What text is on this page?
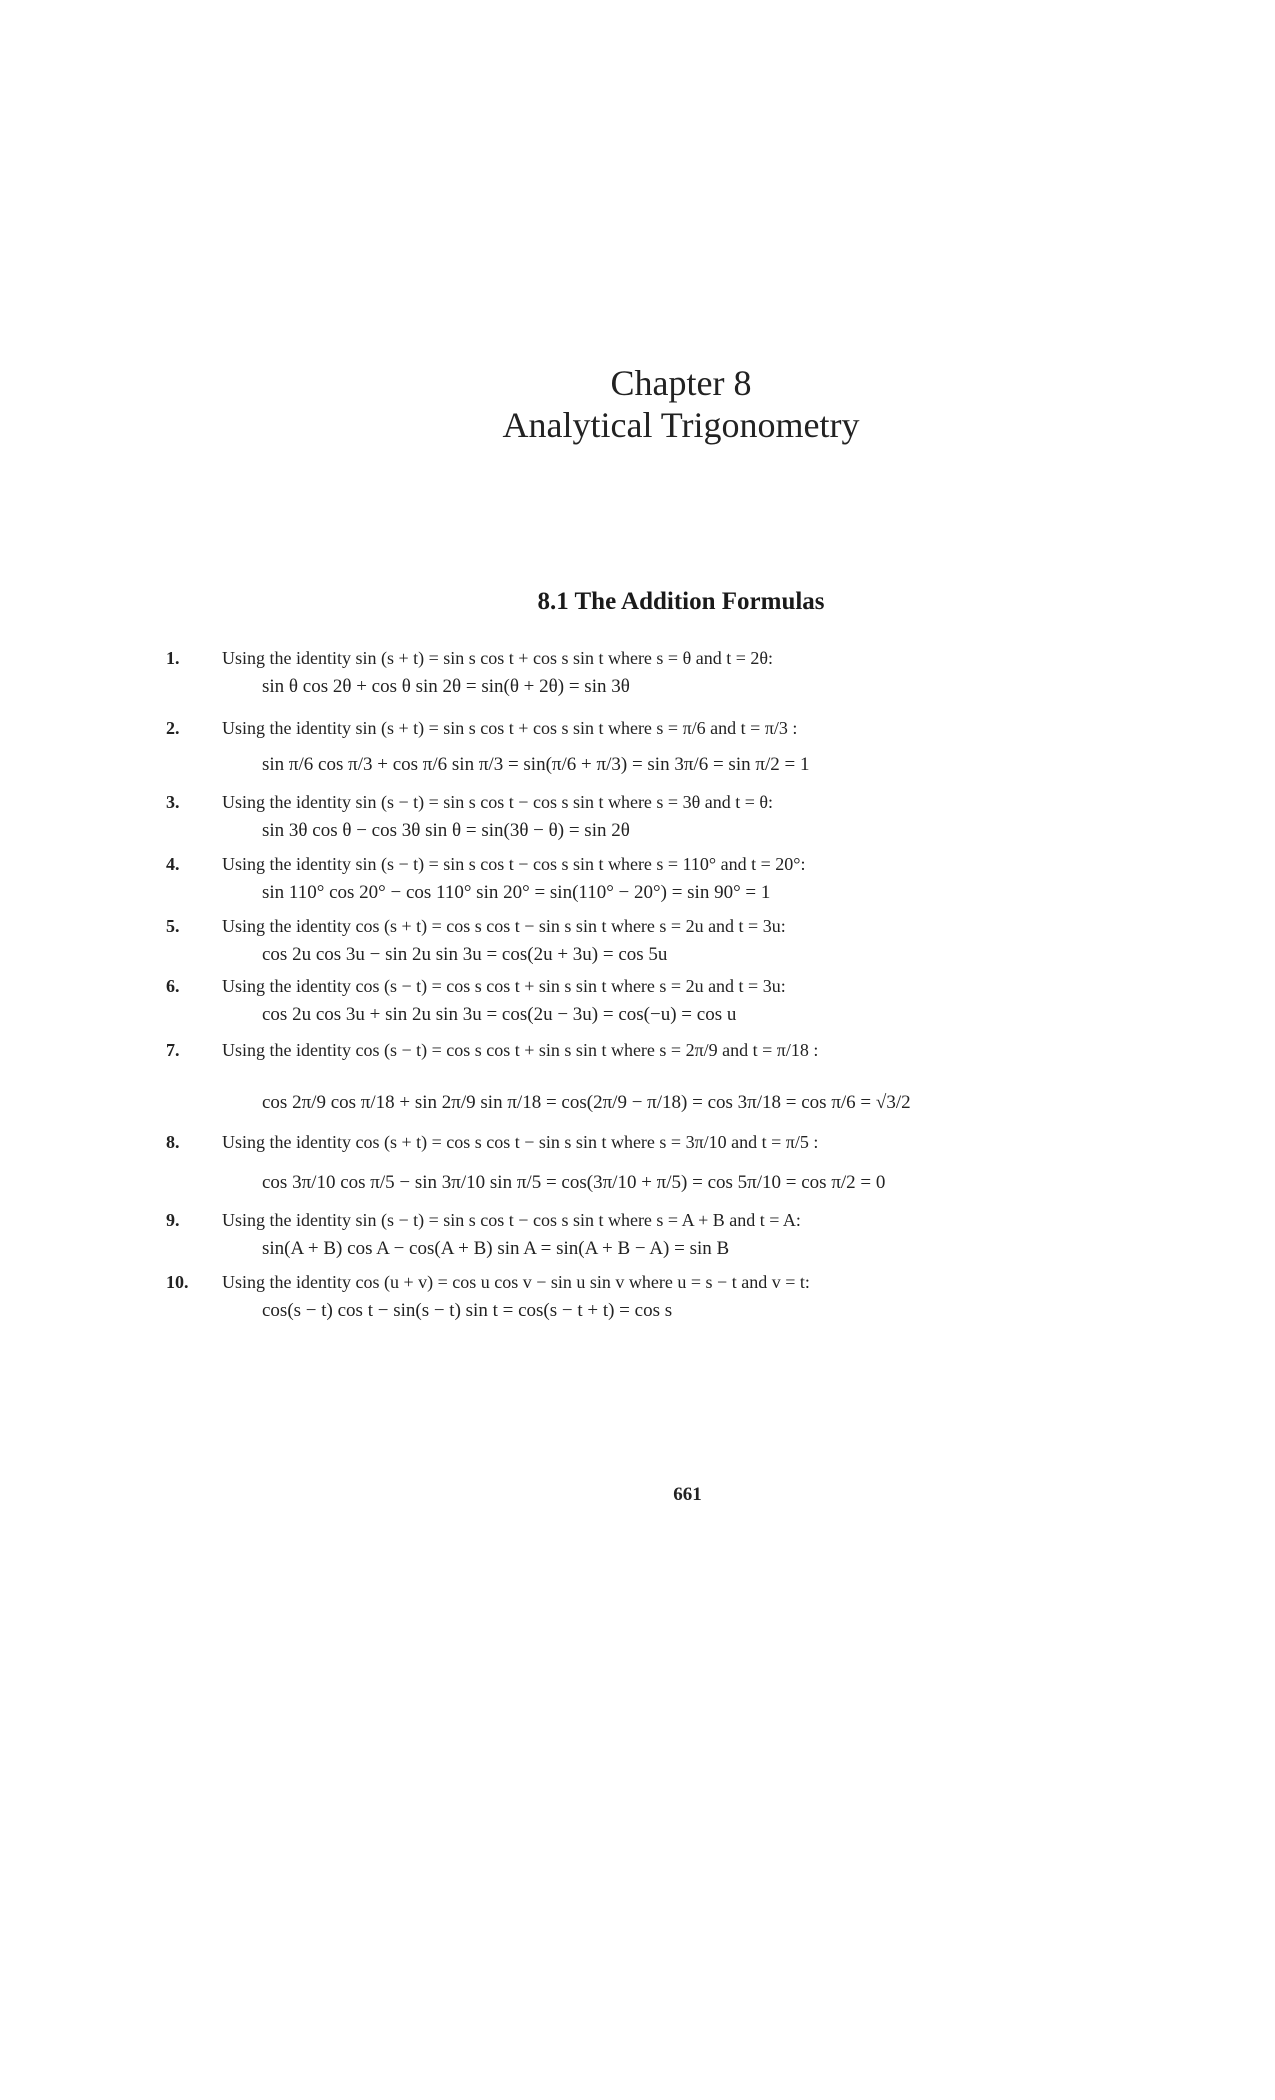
Chapter 8
Analytical Trigonometry
8.1 The Addition Formulas
1. Using the identity sin (s + t) = sin s cos t + cos s sin t where s = θ and t = 2θ:
sin θ cos 2θ + cos θ sin 2θ = sin(θ + 2θ) = sin 3θ
2. Using the identity sin (s + t) = sin s cos t + cos s sin t where s = π/6 and t = π/3 :
sin π/6 cos π/3 + cos π/6 sin π/3 = sin(π/6 + π/3) = sin 3π/6 = sin π/2 = 1
3. Using the identity sin (s − t) = sin s cos t − cos s sin t where s = 3θ and t = θ:
sin 3θ cos θ − cos 3θ sin θ = sin(3θ − θ) = sin 2θ
4. Using the identity sin (s − t) = sin s cos t − cos s sin t where s = 110° and t = 20°:
sin 110° cos 20° − cos 110° sin 20° = sin(110° − 20°) = sin 90° = 1
5. Using the identity cos (s + t) = cos s cos t − sin s sin t where s = 2u and t = 3u:
cos 2u cos 3u − sin 2u sin 3u = cos(2u + 3u) = cos 5u
6. Using the identity cos (s − t) = cos s cos t + sin s sin t where s = 2u and t = 3u:
cos 2u cos 3u + sin 2u sin 3u = cos(2u − 3u) = cos(−u) = cos u
7. Using the identity cos (s − t) = cos s cos t + sin s sin t where s = 2π/9 and t = π/18 :
cos 2π/9 cos π/18 + sin 2π/9 sin π/18 = cos(2π/9 − π/18) = cos 3π/18 = cos π/6 = √3/2
8. Using the identity cos (s + t) = cos s cos t − sin s sin t where s = 3π/10 and t = π/5 :
cos 3π/10 cos π/5 − sin 3π/10 sin π/5 = cos(3π/10 + π/5) = cos 5π/10 = cos π/2 = 0
9. Using the identity sin (s − t) = sin s cos t − cos s sin t where s = A + B and t = A:
sin(A + B) cos A − cos(A + B) sin A = sin(A + B − A) = sin B
10. Using the identity cos (u + v) = cos u cos v − sin u sin v where u = s − t and v = t:
cos(s − t) cos t − sin(s − t) sin t = cos(s − t + t) = cos s
661
